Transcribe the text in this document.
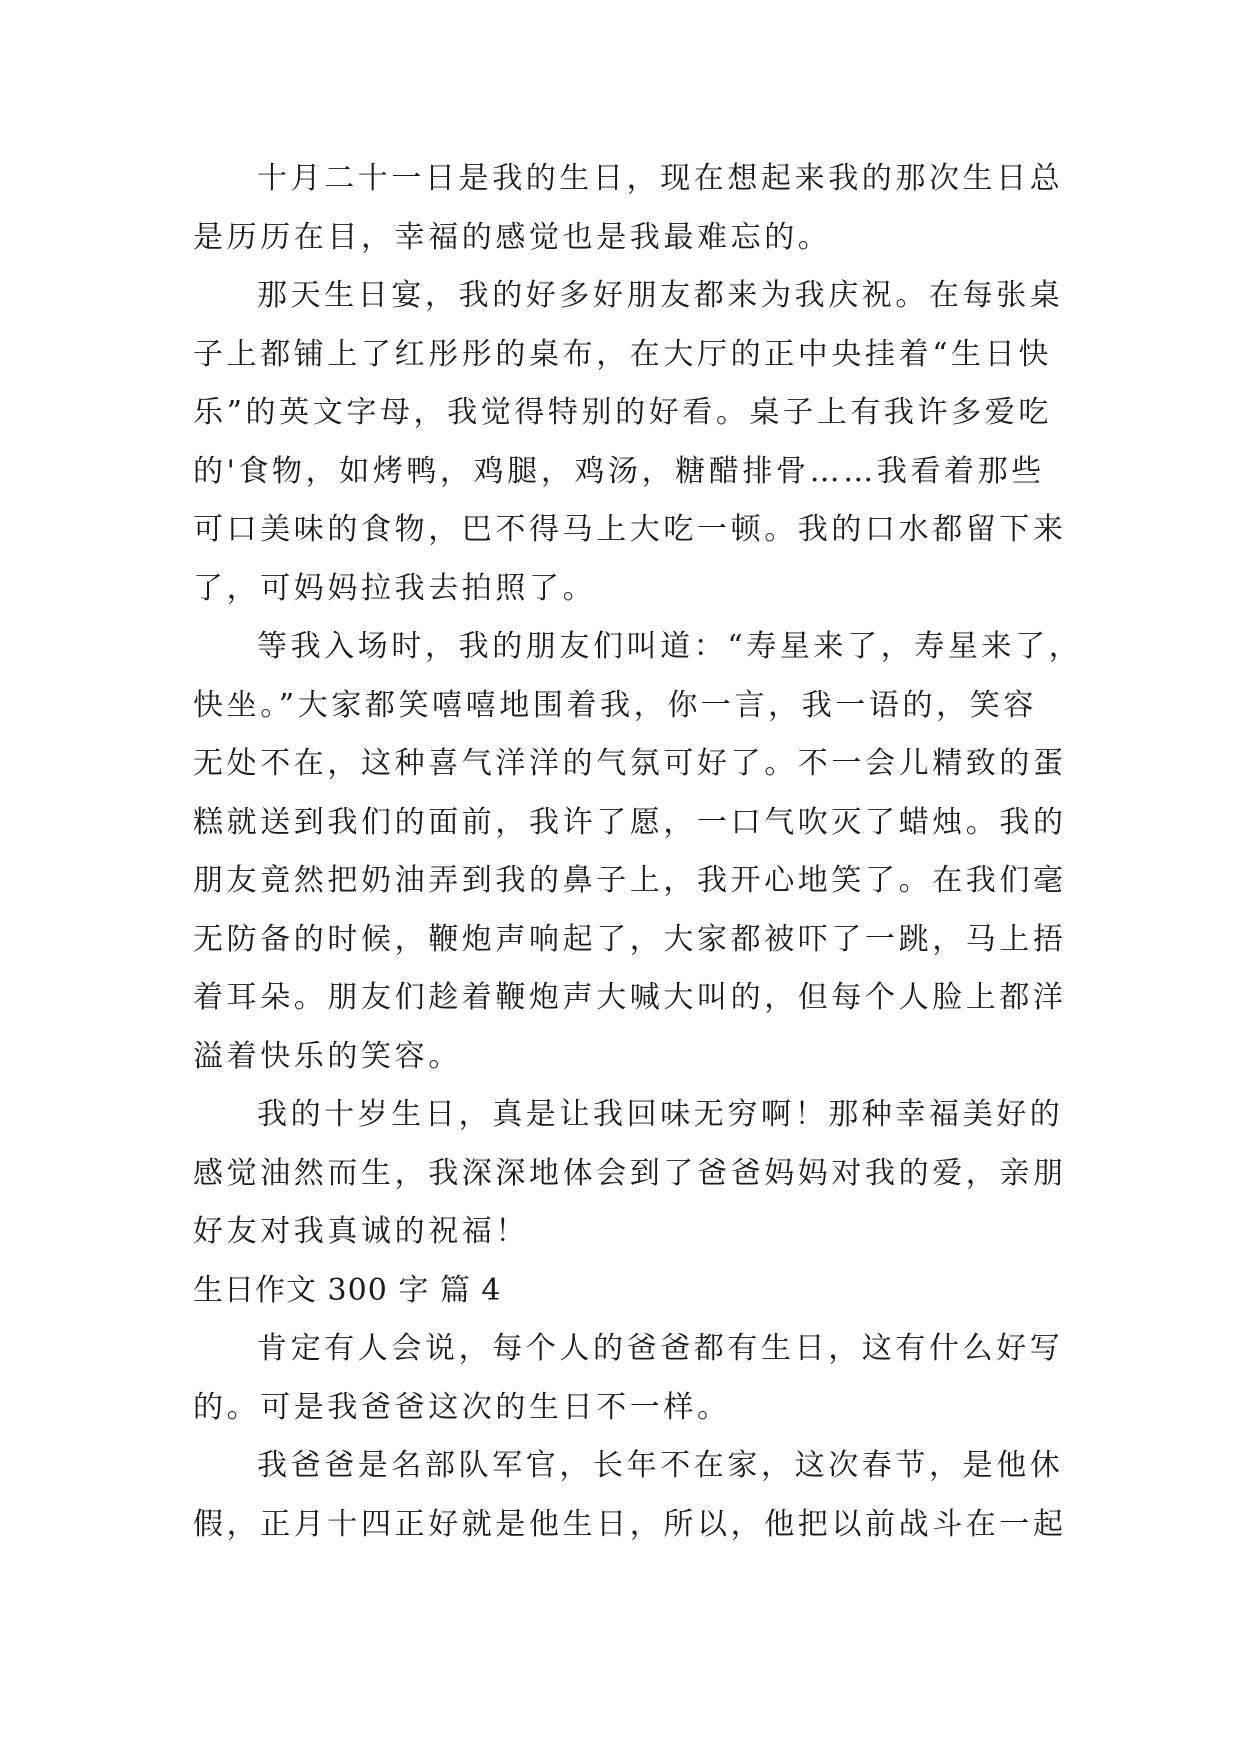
十月二十一日是我的生日，现在想起来我的那次生日总
是历历在目，幸福的感觉也是我最难忘的。
那天生日宴，我的好多好朋友都来为我庆祝。在每张桌
子上都铺上了红彤彤的桌布，在大厅的正中央挂着“生日快
乐”的英文字母，我觉得特别的好看。桌子上有我许多爱吃
的'食物，如烤鸭，鸡腿，鸡汤，糖醋排骨……我看着那些
可口美味的食物，巴不得马上大吃一顿。我的口水都留下来
了，可妈妈拉我去拍照了。
等我入场时，我的朋友们叫道：“寿星来了，寿星来了，
快坐。”大家都笑嘻嘻地围着我，你一言，我一语的，笑容
无处不在，这种喜气洋洋的气氛可好了。不一会儿精致的蛋
糕就送到我们的面前，我许了愿，一口气吹灭了蜡烛。我的
朋友竟然把奶油弄到我的鼻子上，我开心地笑了。在我们毫
无防备的时候，鞭炮声响起了，大家都被吓了一跳，马上捂
着耳朵。朋友们趁着鞭炮声大喊大叫的，但每个人脸上都洋
溢着快乐的笑容。
我的十岁生日，真是让我回味无穷啊！那种幸福美好的
感觉油然而生，我深深地体会到了爸爸妈妈对我的爱，亲朋
好友对我真诚的祝福！
生日作文 300 字 篇 4
肯定有人会说，每个人的爸爸都有生日，这有什么好写
的。可是我爸爸这次的生日不一样。
我爸爸是名部队军官，长年不在家，这次春节，是他休
假，正月十四正好就是他生日，所以，他把以前战斗在一起
